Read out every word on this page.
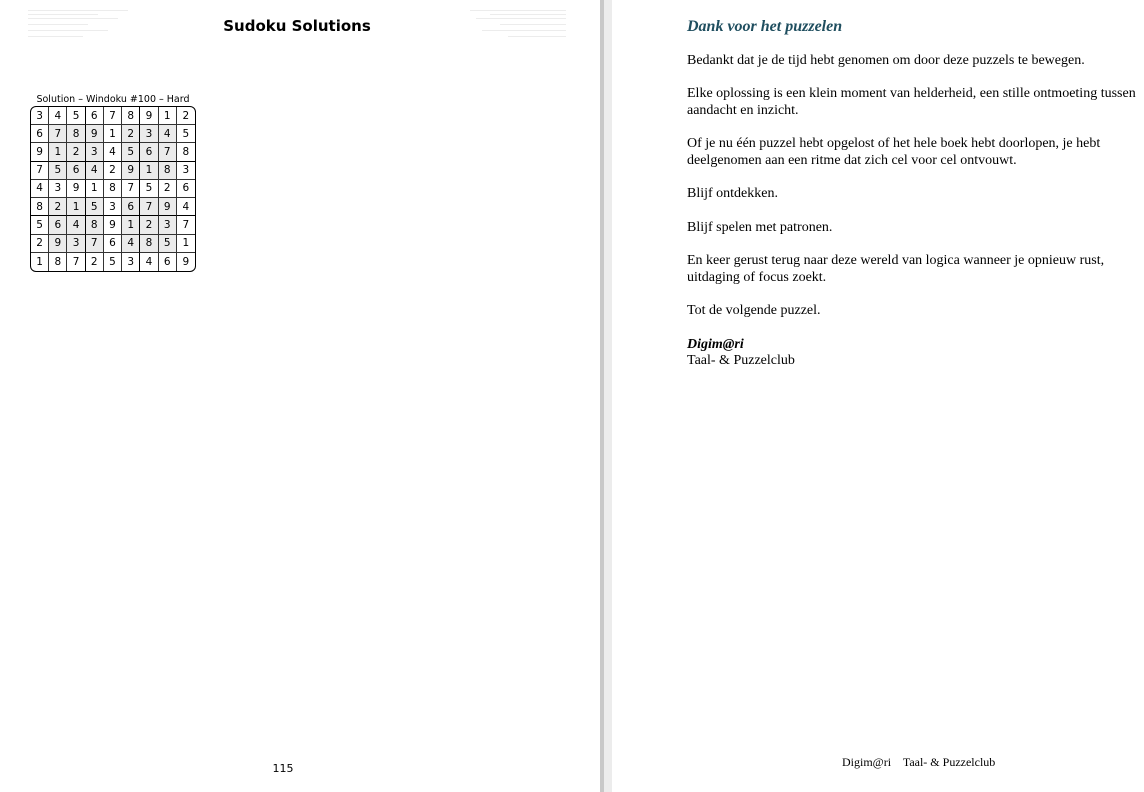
Sudoku Solutions
Solution – Windoku #100 – Hard
3	4	5	6	7	8	9	1	2
6	7	8	9	1	2	3	4	5
9	1	2	3	4	5	6	7	8
7	5	6	4	2	9	1	8	3
4	3	9	1	8	7	5	2	6
8	2	1	5	3	6	7	9	4
5	6	4	8	9	1	2	3	7
2	9	3	7	6	4	8	5	1
1	8	7	2	5	3	4	6	9
115
Dank voor het puzzelen
Bedankt dat je de tijd hebt genomen om door deze puzzels te bewegen.
Elke oplossing is een klein moment van helderheid, een stille ontmoeting tussen
aandacht en inzicht.
Of je nu één puzzel hebt opgelost of het hele boek hebt doorlopen, je hebt
deelgenomen aan een ritme dat zich cel voor cel ontvouwt.
Blijf ontdekken.
Blijf spelen met patronen.
En keer gerust terug naar deze wereld van logica wanneer je opnieuw rust,
uitdaging of focus zoekt.
Tot de volgende puzzel.
Digim@ri
Taal- & Puzzelclub
Digim@ri    Taal- & Puzzelclub
